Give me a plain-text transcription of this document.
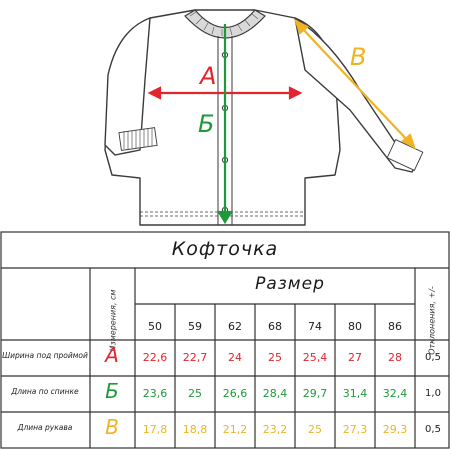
А
Б
В
Кофточка
Измерения, см
Размер
Отклонения, +/-
50	59	62	68	74	80	86
Ширина под проймой А	22,6	22,7	24	25	25,4	27	28	0,5
Длина по спинке	Б	23,6	25	26,6	28,4	29,7	31,4	32,4	1,0
Длина рукава	В	17,8	18,8	21,2	23,2	25	27,3	29,3	0,5
